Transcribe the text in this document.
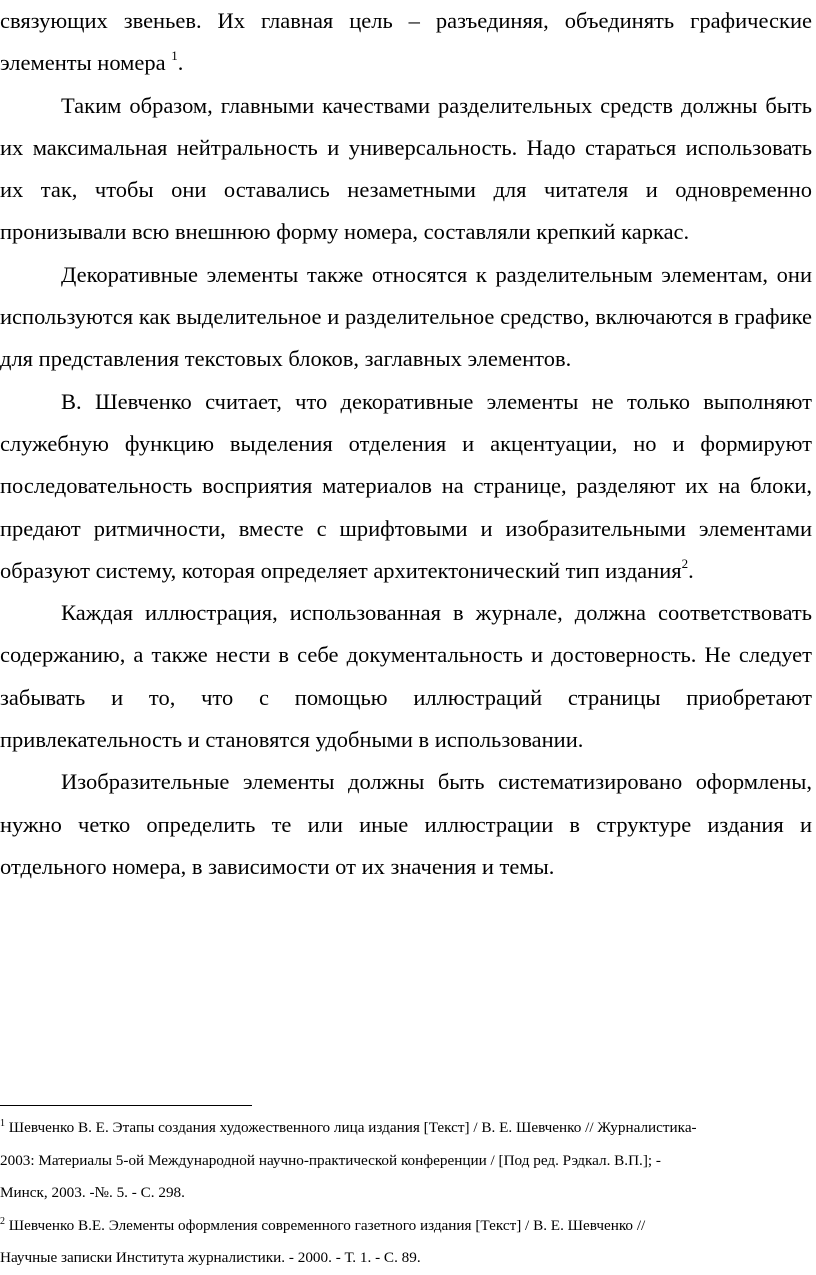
связующих звеньев. Их главная цель – разъединяя, объединять графические элементы номера $^1$.

Таким образом, главными качествами разделительных средств должны быть их максимальная нейтральность и универсальность. Надо стараться использовать их так, чтобы они оставались незаметными для читателя и одновременно пронизывали всю внешнюю форму номера, составляли крепкий каркас.

Декоративные элементы также относятся к разделительным элементам, они используются как выделительное и разделительное средство, включаются в графике для представления текстовых блоков, заглавных элементов.

В. Шевченко считает, что декоративные элементы не только выполняют служебную функцию выделения отделения и акцентуации, но и формируют последовательность восприятия материалов на странице, разделяют их на блоки, предают ритмичности, вместе с шрифтовыми и изобразительными элементами образуют систему, которая определяет архитектонический тип издания$^2$.

Каждая иллюстрация, использованная в журнале, должна соответствовать содержанию, а также нести в себе документальность и достоверность. Не следует забывать и то, что с помощью иллюстраций страницы приобретают привлекательность и становятся удобными в использовании.

Изобразительные элементы должны быть систематизировано оформлены, нужно четко определить те или иные иллюстрации в структуре издания и отдельного номера, в зависимости от их значения и темы.

$^1$ Шевченко В. Е. Этапы создания художественного лица издания [Текст] / В. Е. Шевченко // Журналистика-

2003: Материалы 5-ой Международной научно-практической конференции / [Под ред. Рэдкал. В.П.]; -

Минск, 2003. -№. 5. - С. 298.

$^2$ Шевченко В.Е. Элементы оформления современного газетного издания [Текст] / В. Е. Шевченко //

Научные записки Института журналистики. - 2000. - Т. 1. - С. 89.
